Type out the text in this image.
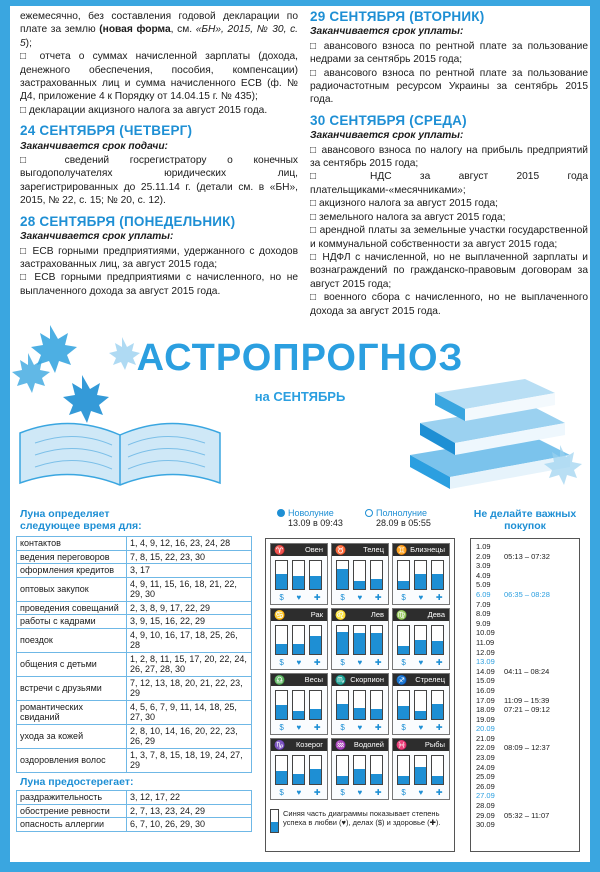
ежемесячно, без составления годовой декларации по плате за землю (новая форма, см. «БН», 2015, № 30, с. 5);

□ отчета о суммах начисленной зарплаты (дохода, денежного обеспечения, пособия, компенсации) застрахованных лиц и сумма начисленного ЕСВ (ф. № Д4, приложение 4 к Порядку от 14.04.15 г. № 435);

□ декларации акцизного налога за август 2015 года.

24 СЕНТЯБРЯ (ЧЕТВЕРГ)
Заканчивается срок подачи:

□ сведений госрегистратору о конечных выгодополучателях юридических лиц, зарегистрированных до 25.11.14 г. (детали см. в «БН», 2015, № 22, с. 15; № 20, с. 12).

28 СЕНТЯБРЯ (ПОНЕДЕЛЬНИК)
Заканчивается срок уплаты:

□ ЕСВ горными предприятиями, удержанного с доходов застрахованных лиц, за август 2015 года;

□ ЕСВ горными предприятиями с начисленного, но не выплаченного дохода за август 2015 года.

29 СЕНТЯБРЯ (ВТОРНИК)
Заканчивается срок уплаты:

□ авансового взноса по рентной плате за пользование недрами за сентябрь 2015 года;

□ авансового взноса по рентной плате за пользование радиочастотным ресурсом Украины за сентябрь 2015 года.

30 СЕНТЯБРЯ (СРЕДА)
Заканчивается срок уплаты:

□ авансового взноса по налогу на прибыль предприятий за сентябрь 2015 года;

□ НДС за август 2015 года плательщиками-«месячниками»;

□ акцизного налога за август 2015 года;

□ земельного налога за август 2015 года;

□ арендной платы за земельные участки государственной и коммунальной собственности за август 2015 года;

□ НДФЛ с начисленной, но не выплаченной зарплаты и вознаграждений по гражданско-правовым договорам за август 2015 года;

□ военного сбора с начисленного, но не выплаченного дохода за август 2015 года.

АСТРОПРОГНОЗ
на СЕНТЯБРЬ
Луна определяет
следующее время для:
контактов	1, 4, 9, 12, 16, 23, 24, 28
ведения переговоров	7, 8, 15, 22, 23, 30
оформления кредитов	3, 17
оптовых закупок	4, 9, 11, 15, 16, 18, 21, 22, 29, 30
проведения совещаний	2, 3, 8, 9, 17, 22, 29
работы с кадрами	3, 9, 15, 16, 22, 29
поездок	4, 9, 10, 16, 17, 18, 25, 26, 28
общения с детьми	1, 2, 8, 11, 15, 17, 20, 22, 24, 26, 27, 28, 30
встречи с друзьями	7, 12, 13, 18, 20, 21, 22, 23, 29
романтических свиданий	4, 5, 6, 7, 9, 11, 14, 18, 25, 27, 30
ухода за кожей	2, 8, 10, 14, 16, 20, 22, 23, 26, 29
оздоровления волос	1, 3, 7, 8, 15, 18, 19, 24, 27, 29
Луна предостерегает:
раздражительность	3, 12, 17, 22
обострение ревности	2, 7, 13, 23, 24, 29
опасность аллергии	6, 7, 10, 26, 29, 30
Новолуние
13.09 в 09:43
Полнолуние
28.09 в 05:55
♈	Овен
$ ♥ ✚
♉ Телец
$ ♥ ✚
♊ Близнецы
$ ♥ ✚
♋	Рак
$ ♥ ✚
♌	Лев
$ ♥ ✚
♍	Дева
$ ♥ ✚
♎	Весы
$ ♥ ✚
♏ Скорпион
$ ♥ ✚
♐ Стрелец
$ ♥ ✚
♑ Козерог
$ ♥ ✚
♒ Водолей
$ ♥ ✚
♓ Рыбы
$ ♥ ✚
Синяя часть диаграммы показывает степень успеха в любви (♥), делах ($) и здоровье (✚).
Не делайте важных покупок
1.09
2.09	05:13 – 07:32
3.09
4.09
5.09
6.09	06:35 – 08:28
7.09
8.09
9.09
10.09
11.09
12.09
13.09
14.09	04:11 – 08:24
15.09
16.09
17.09	11:09 – 15:39
18.09	07:21 – 09:12
19.09
20.09
21.09
22.09	08:09 – 12:37
23.09
24.09
25.09
26.09
27.09
28.09
29.09	05:32 – 11:07
30.09
